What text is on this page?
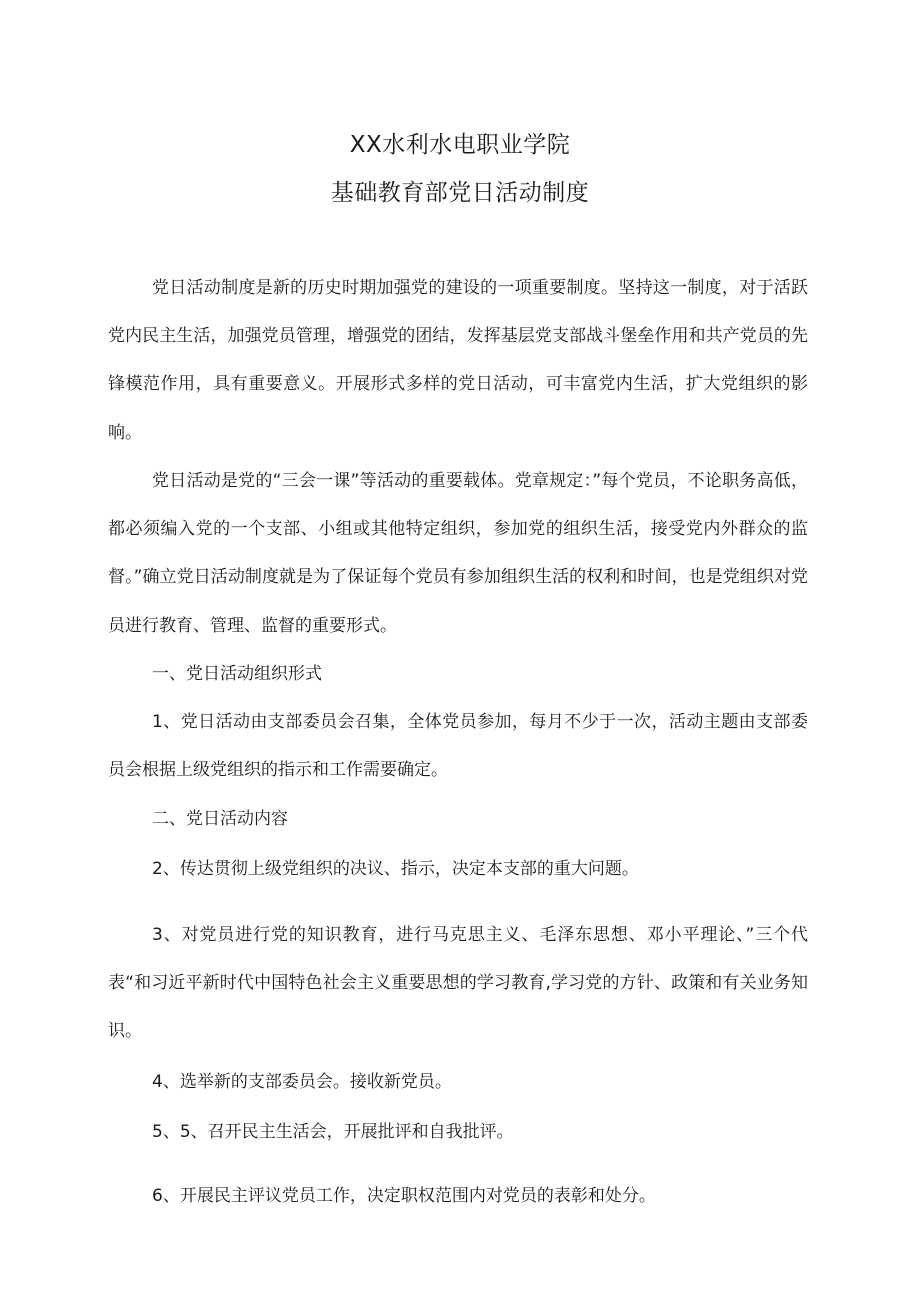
XX水利水电职业学院
基础教育部党日活动制度

党日活动制度是新的历史时期加强党的建设的一项重要制度。坚持这一制度，对于活跃党内民主生活，加强党员管理，增强党的团结，发挥基层党支部战斗堡垒作用和共产党员的先锋模范作用，具有重要意义。开展形式多样的党日活动，可丰富党内生活，扩大党组织的影响。

党日活动是党的“三会一课”等活动的重要载体。党章规定：”每个党员，不论职务高低，都必须编入党的一个支部、小组或其他特定组织，参加党的组织生活，接受党内外群众的监督。”确立党日活动制度就是为了保证每个党员有参加组织生活的权利和时间，也是党组织对党员进行教育、管理、监督的重要形式。

一、党日活动组织形式

1、党日活动由支部委员会召集，全体党员参加，每月不少于一次，活动主题由支部委员会根据上级党组织的指示和工作需要确定。

二、党日活动内容

2、传达贯彻上级党组织的决议、指示，决定本支部的重大问题。

3、对党员进行党的知识教育，进行马克思主义、毛泽东思想、邓小平理论、”三个代表“和习近平新时代中国特色社会主义重要思想的学习教育,学习党的方针、政策和有关业务知识。

4、选举新的支部委员会。接收新党员。

5、5、召开民主生活会，开展批评和自我批评。

6、开展民主评议党员工作，决定职权范围内对党员的表彰和处分。
